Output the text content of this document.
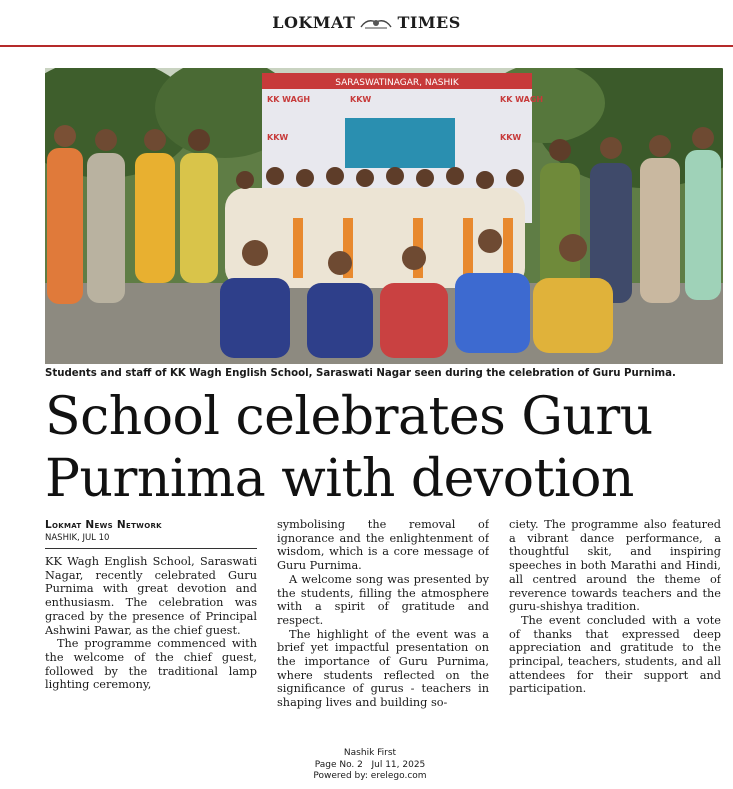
LOKMAT	TIMES
SARASWATINAGAR, NASHIK
KK WAGH	KKW
KKW
KK WAGH
KKW
Students and staff of KK Wagh English School, Saraswati Nagar seen during the celebration of Guru Purnima.
School celebrates Guru
Purnima with devotion
Lokmat News Network
NASHIK, JUL 10

KK Wagh English School, Saraswati Nagar, recently celebrated Guru Purnima with great devotion and enthusiasm. The celebration was graced by the presence of Principal Ashwini Pawar, as the chief guest.

The programme commenced with the welcome of the chief guest, followed by the traditional lamp lighting ceremony,

symbolising the removal of ignorance and the enlightenment of wisdom, which is a core message of Guru Purnima.

A welcome song was presented by the students, filling the atmosphere with a spirit of gratitude and respect.

The highlight of the event was a brief yet impactful presentation on the importance of Guru Purnima, where students reflected on the significance of gurus - teachers in shaping lives and building so-

ciety. The programme also featured a vibrant dance performance, a thoughtful skit, and inspiring speeches in both Marathi and Hindi, all centred around the theme of reverence towards teachers and the guru-shishya tradition.

The event concluded with a vote of thanks that expressed deep appreciation and gratitude to the principal, teachers, students, and all attendees for their support and participation.

Nashik First
Page No. 2 Jul 11, 2025
Powered by: erelego.com
